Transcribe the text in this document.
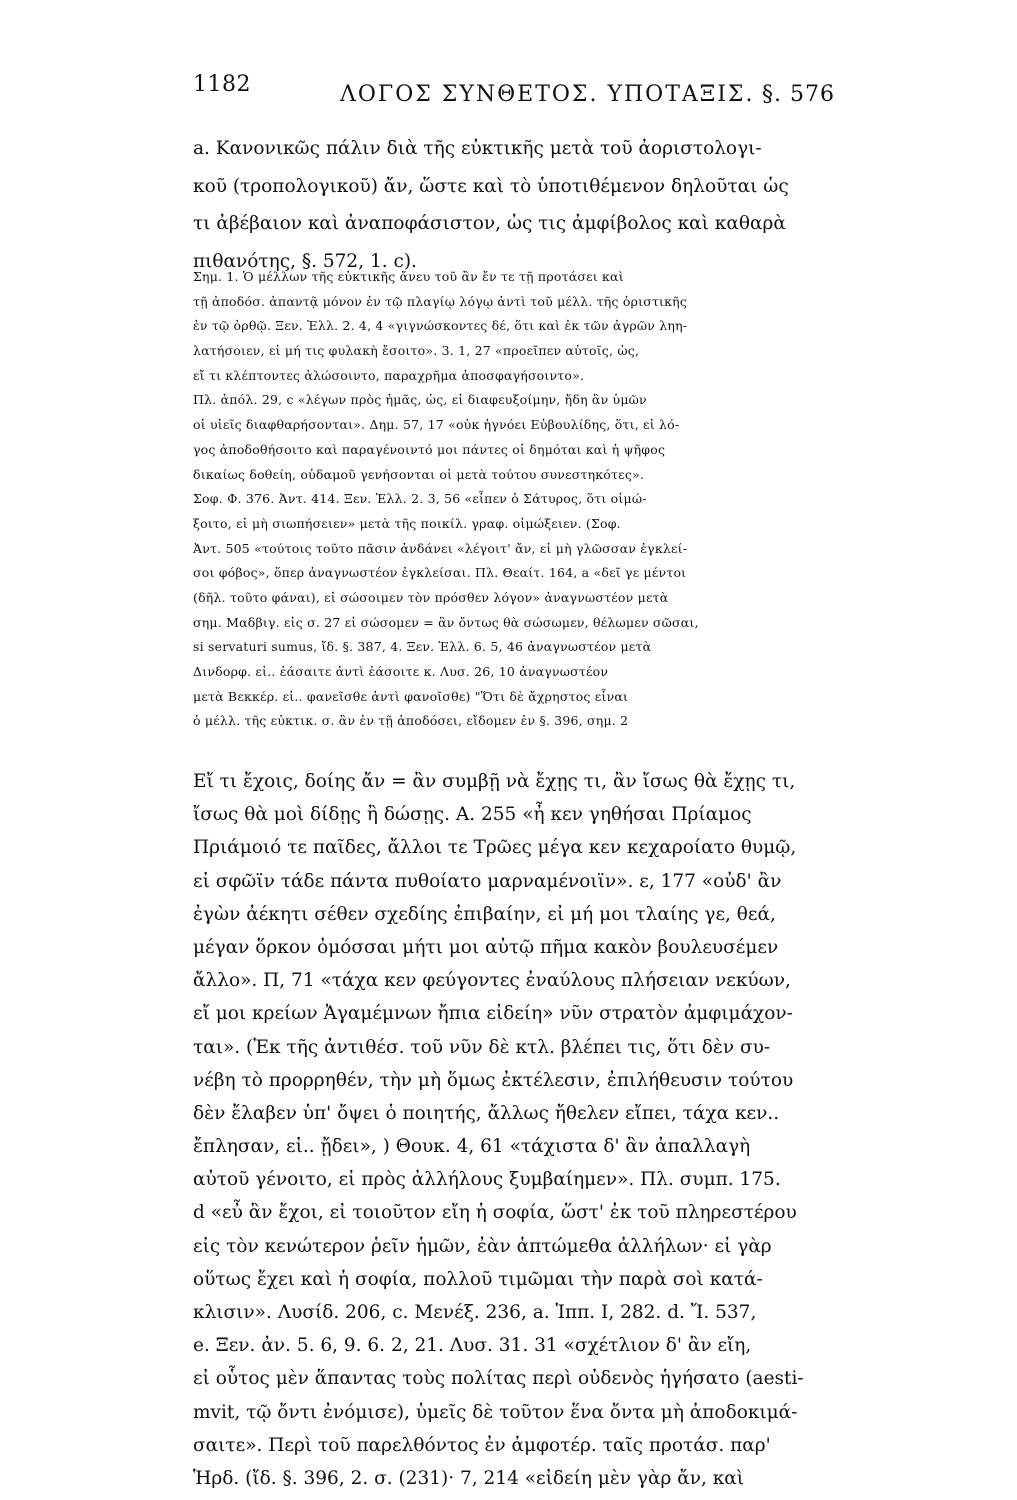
1182	ΛΟΓΟΣ ΣΥΝΘΕΤΟΣ. ΥΠΟΤΑΞΙΣ. §. 576
a. Κανονικῶς πάλιν διὰ τῆς εὐκτικῆς μετὰ τοῦ ἀοριστολογι-
κοῦ (τροπολογικοῦ) ἄν, ὥστε καὶ τὸ ὑποτιθέμενον δηλοῦται ὡς
τι ἀβέβαιον καὶ ἀναποφάσιστον, ὡς τις ἀμφίβολος καὶ καθαρὰ
πιθανότης, §. 572, 1. c).
Σημ. 1. Ὁ μέλλων τῆς εὐκτικῆς ἄνευ τοῦ ἂν ἔν τε τῇ προτάσει καὶ
τῇ ἀποδόσ. ἀπαντᾷ μόνον ἐν τῷ πλαγίῳ λόγῳ ἀντὶ τοῦ μέλλ. τῆς ὁριστικῆς
ἐν τῷ ὀρθῷ. Ξεν. Ἑλλ. 2. 4, 4 «γιγνώσκοντες δέ, ὅτι καὶ ἐκ τῶν ἀγρῶν ληη-
λατήσοιεν, εἰ μή τις φυλακὴ ἔσοιτο». 3. 1, 27 «προεῖπεν αὐτοῖς, ὡς,
εἴ τι κλέπτοντες ἁλώσοιντο, παραχρῆμα ἀποσφαγήσοιντο».
Πλ. ἀπόλ. 29, c «λέγων πρὸς ἡμᾶς, ὡς, εἰ διαφευξοίμην, ἤδη ἂν ὑμῶν
οἱ υἱεῖς διαφθαρήσονται». Δημ. 57, 17 «οὐκ ἠγνόει Εὐβουλίδης, ὅτι, εἰ λό-
γος ἀποδοθήσοιτο καὶ παραγένοιντό μοι πάντες οἱ δημόται καὶ ἡ ψῆφος
δικαίως δοθείη, οὐδαμοῦ γενήσονται οἱ μετὰ τούτου συνεστηκότες».
Σοφ. Φ. 376. Ἀντ. 414. Ξεν. Ἑλλ. 2. 3, 56 «εἶπεν ὁ Σάτυρος, ὅτι οἰμώ-
ξοιτο, εἰ μὴ σιωπήσειεν» μετὰ τῆς ποικίλ. γραφ. οἰμώξειεν. (Σοφ.
Ἀντ. 505 «τούτοις τοῦτο πᾶσιν ἀνδάνει «λέγοιτ' ἄν, εἰ μὴ γλῶσσαν ἐγκλεί-
σοι φόβος», ὅπερ ἀναγνωστέον ἐγκλείσαι. Πλ. Θεαίτ. 164, a «δεῖ γε μέντοι
(δῆλ. τοῦτο φάναι), εἰ σώσοιμεν τὸν πρόσθεν λόγον» ἀναγνωστέον μετὰ
σημ. Μαδβιγ. εἰς σ. 27 εἰ σώσομεν = ἂν ὄντως θὰ σώσωμεν, θέλωμεν σῶσαι,
si servaturi sumus, ἴδ. §. 387, 4. Ξεν. Ἑλλ. 6. 5, 46 ἀναγνωστέον μετὰ
Δινδορφ. εἰ.. ἐάσαιτε ἀντὶ ἐάσοιτε κ. Λυσ. 26, 10 ἀναγνωστέον
μετὰ Βεκκέρ. εἰ.. φανεῖσθε ἀντὶ φανοῖσθε) "Ὅτι δὲ ἄχρηστος εἶναι
ὁ μέλλ. τῆς εὐκτικ. σ. ἂν ἐν τῇ ἀποδόσει, εἴδομεν ἐν §. 396, σημ. 2
Εἴ τι ἔχοις, δοίης ἄν = ἂν συμβῇ νὰ ἔχῃς τι, ἂν ἴσως θὰ ἔχῃς τι,
ἴσως θὰ μοὶ δίδῃς ἢ δώσῃς. Α. 255 «ἦ κεν γηθήσαι Πρίαμος
Πριάμοιό τε παῖδες, ἄλλοι τε Τρῶες μέγα κεν κεχαροίατο θυμῷ,
εἰ σφῶϊν τάδε πάντα πυθοίατο μαρναμένοιϊν». ε, 177 «οὐδ' ἂν
ἐγὼν ἀέκητι σέθεν σχεδίης ἐπιβαίην, εἰ μή μοι τλαίης γε, θεά,
μέγαν ὅρκον ὀμόσσαι μήτι μοι αὐτῷ πῆμα κακὸν βουλευσέμεν
ἄλλο». Π, 71 «τάχα κεν φεύγοντες ἐναύλους πλήσειαν νεκύων,
εἴ μοι κρείων Ἀγαμέμνων ἤπια εἰδείη» νῦν στρατὸν ἀμφιμάχον-
ται». (Ἐκ τῆς ἀντιθέσ. τοῦ νῦν δὲ κτλ. βλέπει τις, ὅτι δὲν συ-
νέβη τὸ προρρηθέν, τὴν μὴ ὅμως ἐκτέλεσιν, ἐπιλήθευσιν τούτου
δὲν ἔλαβεν ὑπ' ὄψει ὁ ποιητής, ἄλλως ἤθελεν εἴπει, τάχα κεν..
ἔπλησαν, εἰ.. ᾔδει», ) Θουκ. 4, 61 «τάχιστα δ' ἂν ἀπαλλαγὴ
αὐτοῦ γένοιτο, εἰ πρὸς ἀλλήλους ξυμβαίημεν». Πλ. συμπ. 175.
d «εὖ ἂν ἔχοι, εἰ τοιοῦτον εἴη ἡ σοφία, ὥστ' ἐκ τοῦ πληρεστέρου
εἰς τὸν κενώτερον ῥεῖν ἡμῶν, ἐὰν ἁπτώμεθα ἀλλήλων· εἰ γὰρ
οὕτως ἔχει καὶ ἡ σοφία, πολλοῦ τιμῶμαι τὴν παρὰ σοὶ κατά-
κλισιν». Λυσίδ. 206, c. Μενέξ. 236, a. Ἱππ. I, 282. d. Ἴ. 537,
e. Ξεν. ἀν. 5. 6, 9. 6. 2, 21. Λυσ. 31. 31 «σχέτλιον δ' ἂν εἴη,
εἰ οὗτος μὲν ἅπαντας τοὺς πολίτας περὶ οὐδενὸς ἡγήσατο (aesti-
mvit, τῷ ὄντι ἐνόμισε), ὑμεῖς δὲ τοῦτον ἕνα ὄντα μὴ ἀποδοκιμά-
σαιτε». Περὶ τοῦ παρελθόντος ἐν ἀμφοτέρ. ταῖς προτάσ. παρ'
Ἡρδ. (ἴδ. §. 396, 2. σ. (231)· 7, 214 «εἰδείη μὲν γὰρ ἄν, καὶ
